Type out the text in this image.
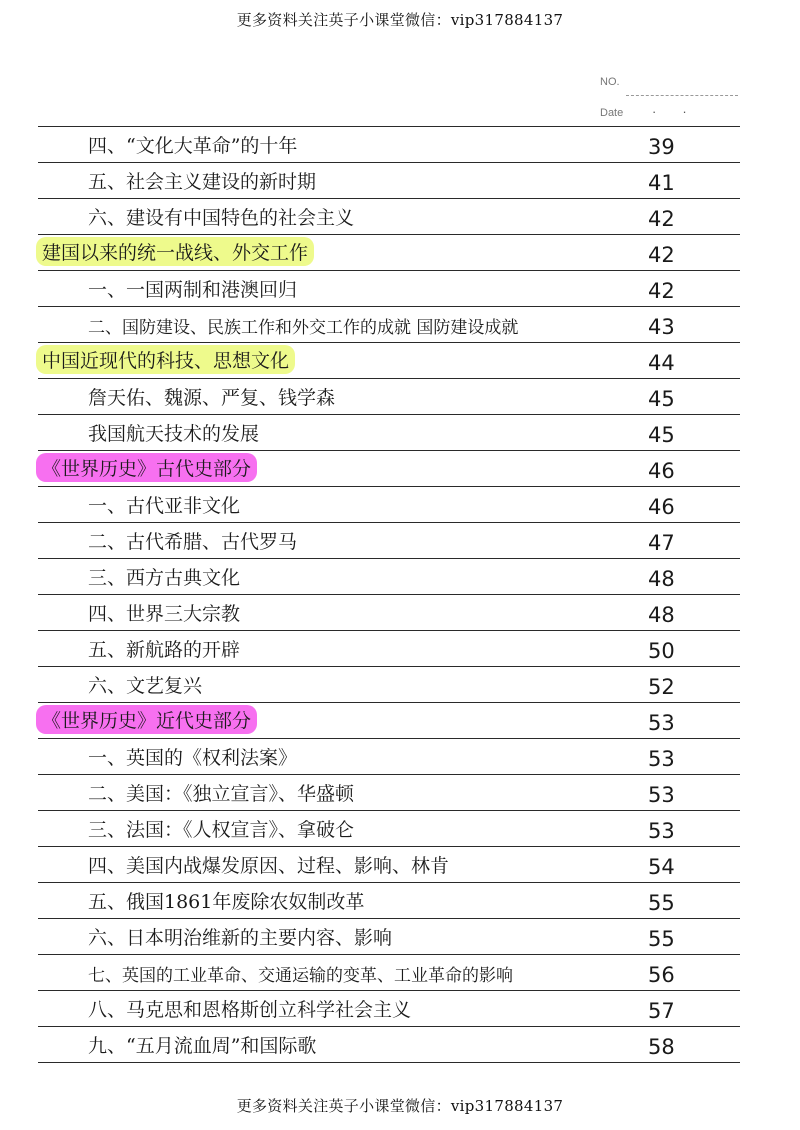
更多资料关注英子小课堂微信：vip317884137
NO.
Date ··
四、“文化大革命”的十年	39
五、社会主义建设的新时期	41
六、建设有中国特色的社会主义	42
建国以来的统一战线、外交工作	42
一、一国两制和港澳回归	42
二、国防建设、民族工作和外交工作的成就 国防建设成就	43
中国近现代的科技、思想文化	44
詹天佑、魏源、严复、钱学森	45
我国航天技术的发展	45
《世界历史》古代史部分	46
一、古代亚非文化	46
二、古代希腊、古代罗马	47
三、西方古典文化	48
四、世界三大宗教	48
五、新航路的开辟	50
六、文艺复兴	52
《世界历史》近代史部分	53
一、英国的《权利法案》	53
二、美国：《独立宣言》、华盛顿	53
三、法国：《人权宣言》、拿破仑	53
四、美国内战爆发原因、过程、影响、林肯	54
五、俄国1861年废除农奴制改革	55
六、日本明治维新的主要内容、影响	55
七、英国的工业革命、交通运输的变革、工业革命的影响	56
八、马克思和恩格斯创立科学社会主义	57
九、“五月流血周”和国际歌	58
更多资料关注英子小课堂微信：vip317884137
